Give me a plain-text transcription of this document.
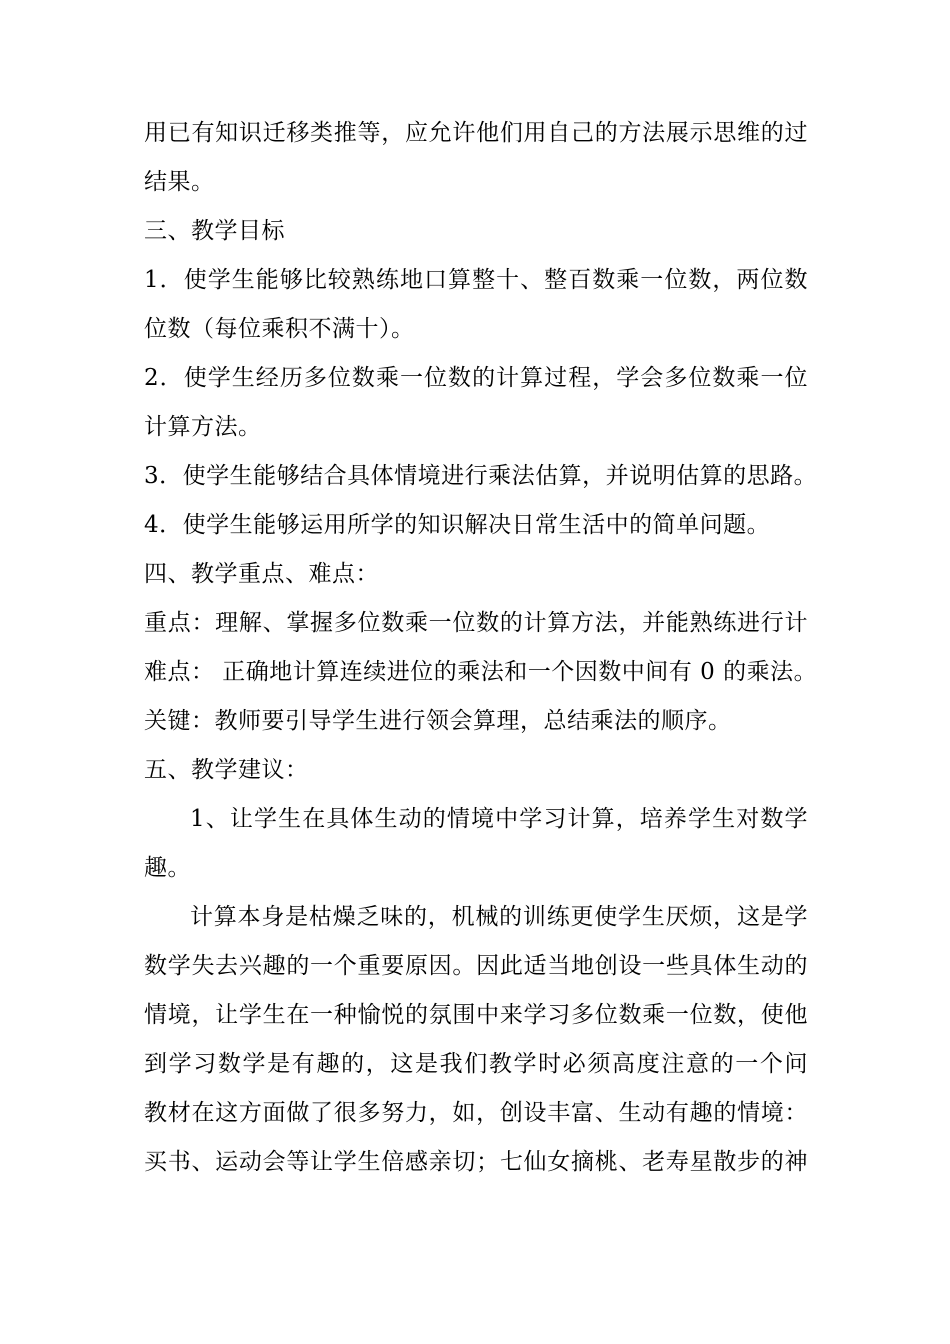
用已有知识迁移类推等，应允许他们用自己的方法展示思维的过
结果。
三、教学目标
1．使学生能够比较熟练地口算整十、整百数乘一位数，两位数
位数（每位乘积不满十）。
2．使学生经历多位数乘一位数的计算过程，学会多位数乘一位
计算方法。
3．使学生能够结合具体情境进行乘法估算，并说明估算的思路。
4．使学生能够运用所学的知识解决日常生活中的简单问题。
四、教学重点、难点：
重点：理解、掌握多位数乘一位数的计算方法，并能熟练进行计
难点： 正确地计算连续进位的乘法和一个因数中间有 0 的乘法。
关键：教师要引导学生进行领会算理，总结乘法的顺序。
五、教学建议：
1、让学生在具体生动的情境中学习计算，培养学生对数学
趣。
计算本身是枯燥乏味的，机械的训练更使学生厌烦，这是学
数学失去兴趣的一个重要原因。因此适当地创设一些具体生动的
情境，让学生在一种愉悦的氛围中来学习多位数乘一位数，使他
到学习数学是有趣的，这是我们教学时必须高度注意的一个问
教材在这方面做了很多努力，如，创设丰富、生动有趣的情境：
买书、运动会等让学生倍感亲切；七仙女摘桃、老寿星散步的神
